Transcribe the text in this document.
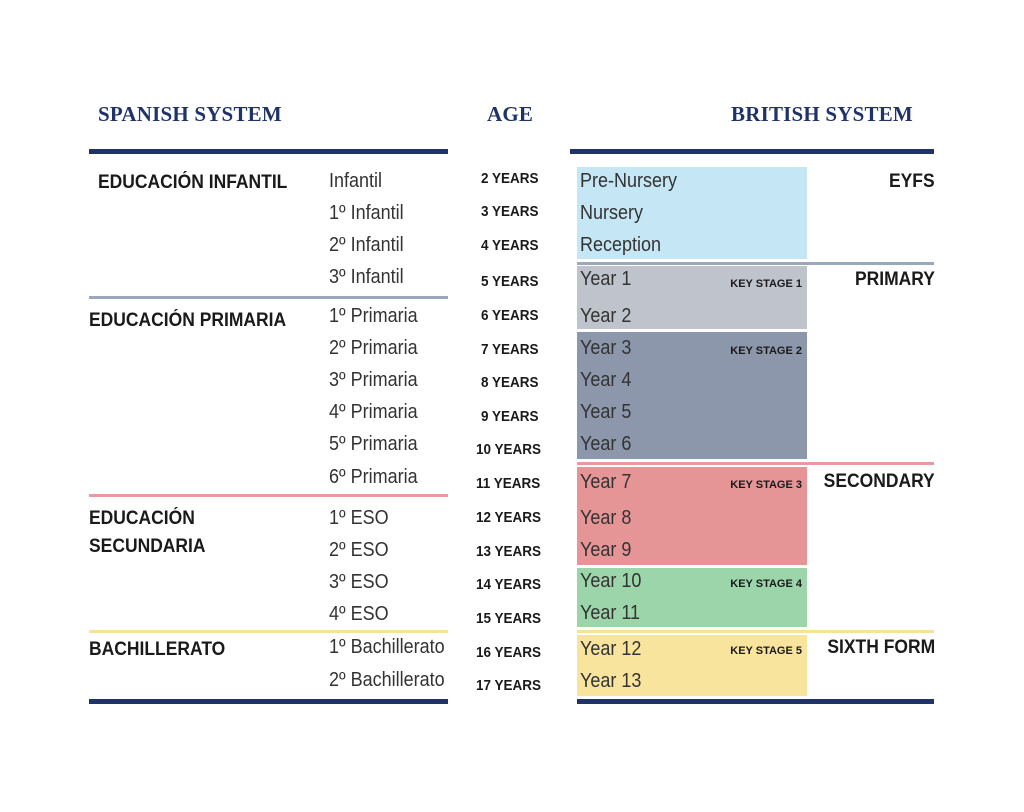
SPANISH SYSTEM	AGE	BRITISH SYSTEM
EDUCACIÓN INFANTIL
EDUCACIÓN PRIMARIA
EDUCACIÓN
SECUNDARIA
BACHILLERATO
Infantil
1º Infantil
2º Infantil
3º Infantil
1º Primaria
2º Primaria
3º Primaria
4º Primaria
5º Primaria
6º Primaria
1º ESO
2º ESO
3º ESO
4º ESO
1º Bachillerato
2º Bachillerato
2 YEARS
3 YEARS
4 YEARS
5 YEARS
6 YEARS
7 YEARS
8 YEARS
9 YEARS
10 YEARS
11 YEARS
12 YEARS
13 YEARS
14 YEARS
15 YEARS
16 YEARS
17 YEARS
Pre-Nursery
Nursery
Reception
Year 1
Year 2
Year 3
Year 4
Year 5
Year 6
Year 7
Year 8
Year 9
Year 10
Year 11
Year 12
Year 13
KEY STAGE 1
KEY STAGE 2
KEY STAGE 3
KEY STAGE 4
KEY STAGE 5
EYFS
PRIMARY
SECONDARY
SIXTH FORM
